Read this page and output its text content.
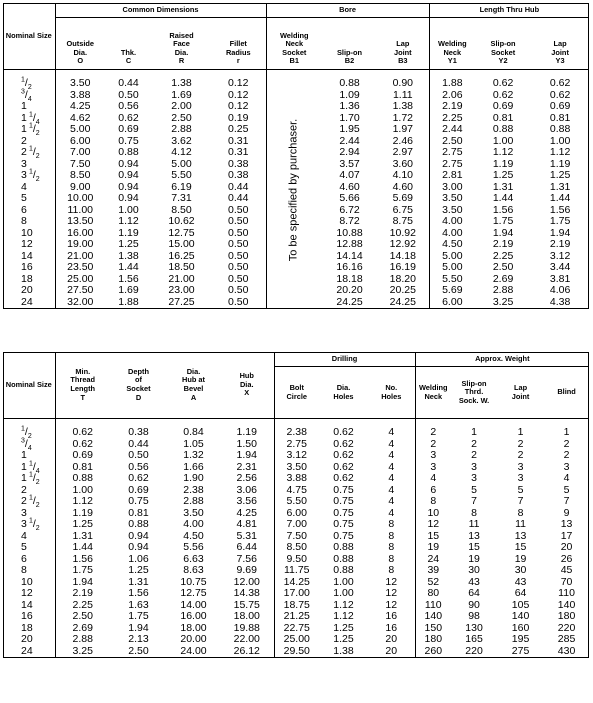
Nominal Size	Common Dimensions				Bore			Length Thru Hub		
	Outside
Dia.
O	Thk.
C	Raised
Face
Dia.
R	Fillet
Radius
r	Welding
Neck
Socket
B1	Slip-on
B2	Lap
Joint
B3	Welding
Neck
Y1	Slip-on
Socket
Y2	Lap
Joint
Y3
$^1/_2$	3.50	0.44	1.38	0.12	To be specified by purchaser.	0.88	0.90	1.88	0.62	0.62
$^3/_4$	3.88	0.50	1.69	0.12		1.09	1.11	2.06	0.62	0.62
1	4.25	0.56	2.00	0.12		1.36	1.38	2.19	0.69	0.69
1 $^1/_4$	4.62	0.62	2.50	0.19		1.70	1.72	2.25	0.81	0.81
1 $^1/_2$	5.00	0.69	2.88	0.25		1.95	1.97	2.44	0.88	0.88
2	6.00	0.75	3.62	0.31		2.44	2.46	2.50	1.00	1.00
2 $^1/_2$	7.00	0.88	4.12	0.31		2.94	2.97	2.75	1.12	1.12
3	7.50	0.94	5.00	0.38		3.57	3.60	2.75	1.19	1.19
3 $^1/_2$	8.50	0.94	5.50	0.38		4.07	4.10	2.81	1.25	1.25
4	9.00	0.94	6.19	0.44		4.60	4.60	3.00	1.31	1.31
5	10.00	0.94	7.31	0.44		5.66	5.69	3.50	1.44	1.44
6	11.00	1.00	8.50	0.50		6.72	6.75	3.50	1.56	1.56
8	13.50	1.12	10.62	0.50		8.72	8.75	4.00	1.75	1.75
10	16.00	1.19	12.75	0.50		10.88	10.92	4.00	1.94	1.94
12	19.00	1.25	15.00	0.50		12.88	12.92	4.50	2.19	2.19
14	21.00	1.38	16.25	0.50		14.14	14.18	5.00	2.25	3.12
16	23.50	1.44	18.50	0.50		16.16	16.19	5.00	2.50	3.44
18	25.00	1.56	21.00	0.50		18.18	18.20	5.50	2.69	3.81
20	27.50	1.69	23.00	0.50		20.20	20.25	5.69	2.88	4.06
24	32.00	1.88	27.25	0.50		24.25	24.25	6.00	3.25	4.38
Nominal Size	Min.
Thread
Length
T	Depth
of
Socket
D	Dia.
Hub at
Bevel
A	Hub
Dia.
X	Drilling			Approx. Weight			
					Bolt
Circle	Dia.
Holes	No.
Holes	Welding
Neck	Slip-on
Thrd.
Sock. W.	Lap
Joint	Blind
$^1/_2$	0.62	0.38	0.84	1.19	2.38	0.62	4	2	1	1	1
$^3/_4$	0.62	0.44	1.05	1.50	2.75	0.62	4	2	2	2	2
1	0.69	0.50	1.32	1.94	3.12	0.62	4	3	2	2	2
1 $^1/_4$	0.81	0.56	1.66	2.31	3.50	0.62	4	3	3	3	3
1 $^1/_2$	0.88	0.62	1.90	2.56	3.88	0.62	4	4	3	3	4
2	1.00	0.69	2.38	3.06	4.75	0.75	4	6	5	5	5
2 $^1/_2$	1.12	0.75	2.88	3.56	5.50	0.75	4	8	7	7	7
3	1.19	0.81	3.50	4.25	6.00	0.75	4	10	8	8	9
3 $^1/_2$	1.25	0.88	4.00	4.81	7.00	0.75	8	12	11	11	13
4	1.31	0.94	4.50	5.31	7.50	0.75	8	15	13	13	17
5	1.44	0.94	5.56	6.44	8.50	0.88	8	19	15	15	20
6	1.56	1.06	6.63	7.56	9.50	0.88	8	24	19	19	26
8	1.75	1.25	8.63	9.69	11.75	0.88	8	39	30	30	45
10	1.94	1.31	10.75	12.00	14.25	1.00	12	52	43	43	70
12	2.19	1.56	12.75	14.38	17.00	1.00	12	80	64	64	110
14	2.25	1.63	14.00	15.75	18.75	1.12	12	110	90	105	140
16	2.50	1.75	16.00	18.00	21.25	1.12	16	140	98	140	180
18	2.69	1.94	18.00	19.88	22.75	1.25	16	150	130	160	220
20	2.88	2.13	20.00	22.00	25.00	1.25	20	180	165	195	285
24	3.25	2.50	24.00	26.12	29.50	1.38	20	260	220	275	430
